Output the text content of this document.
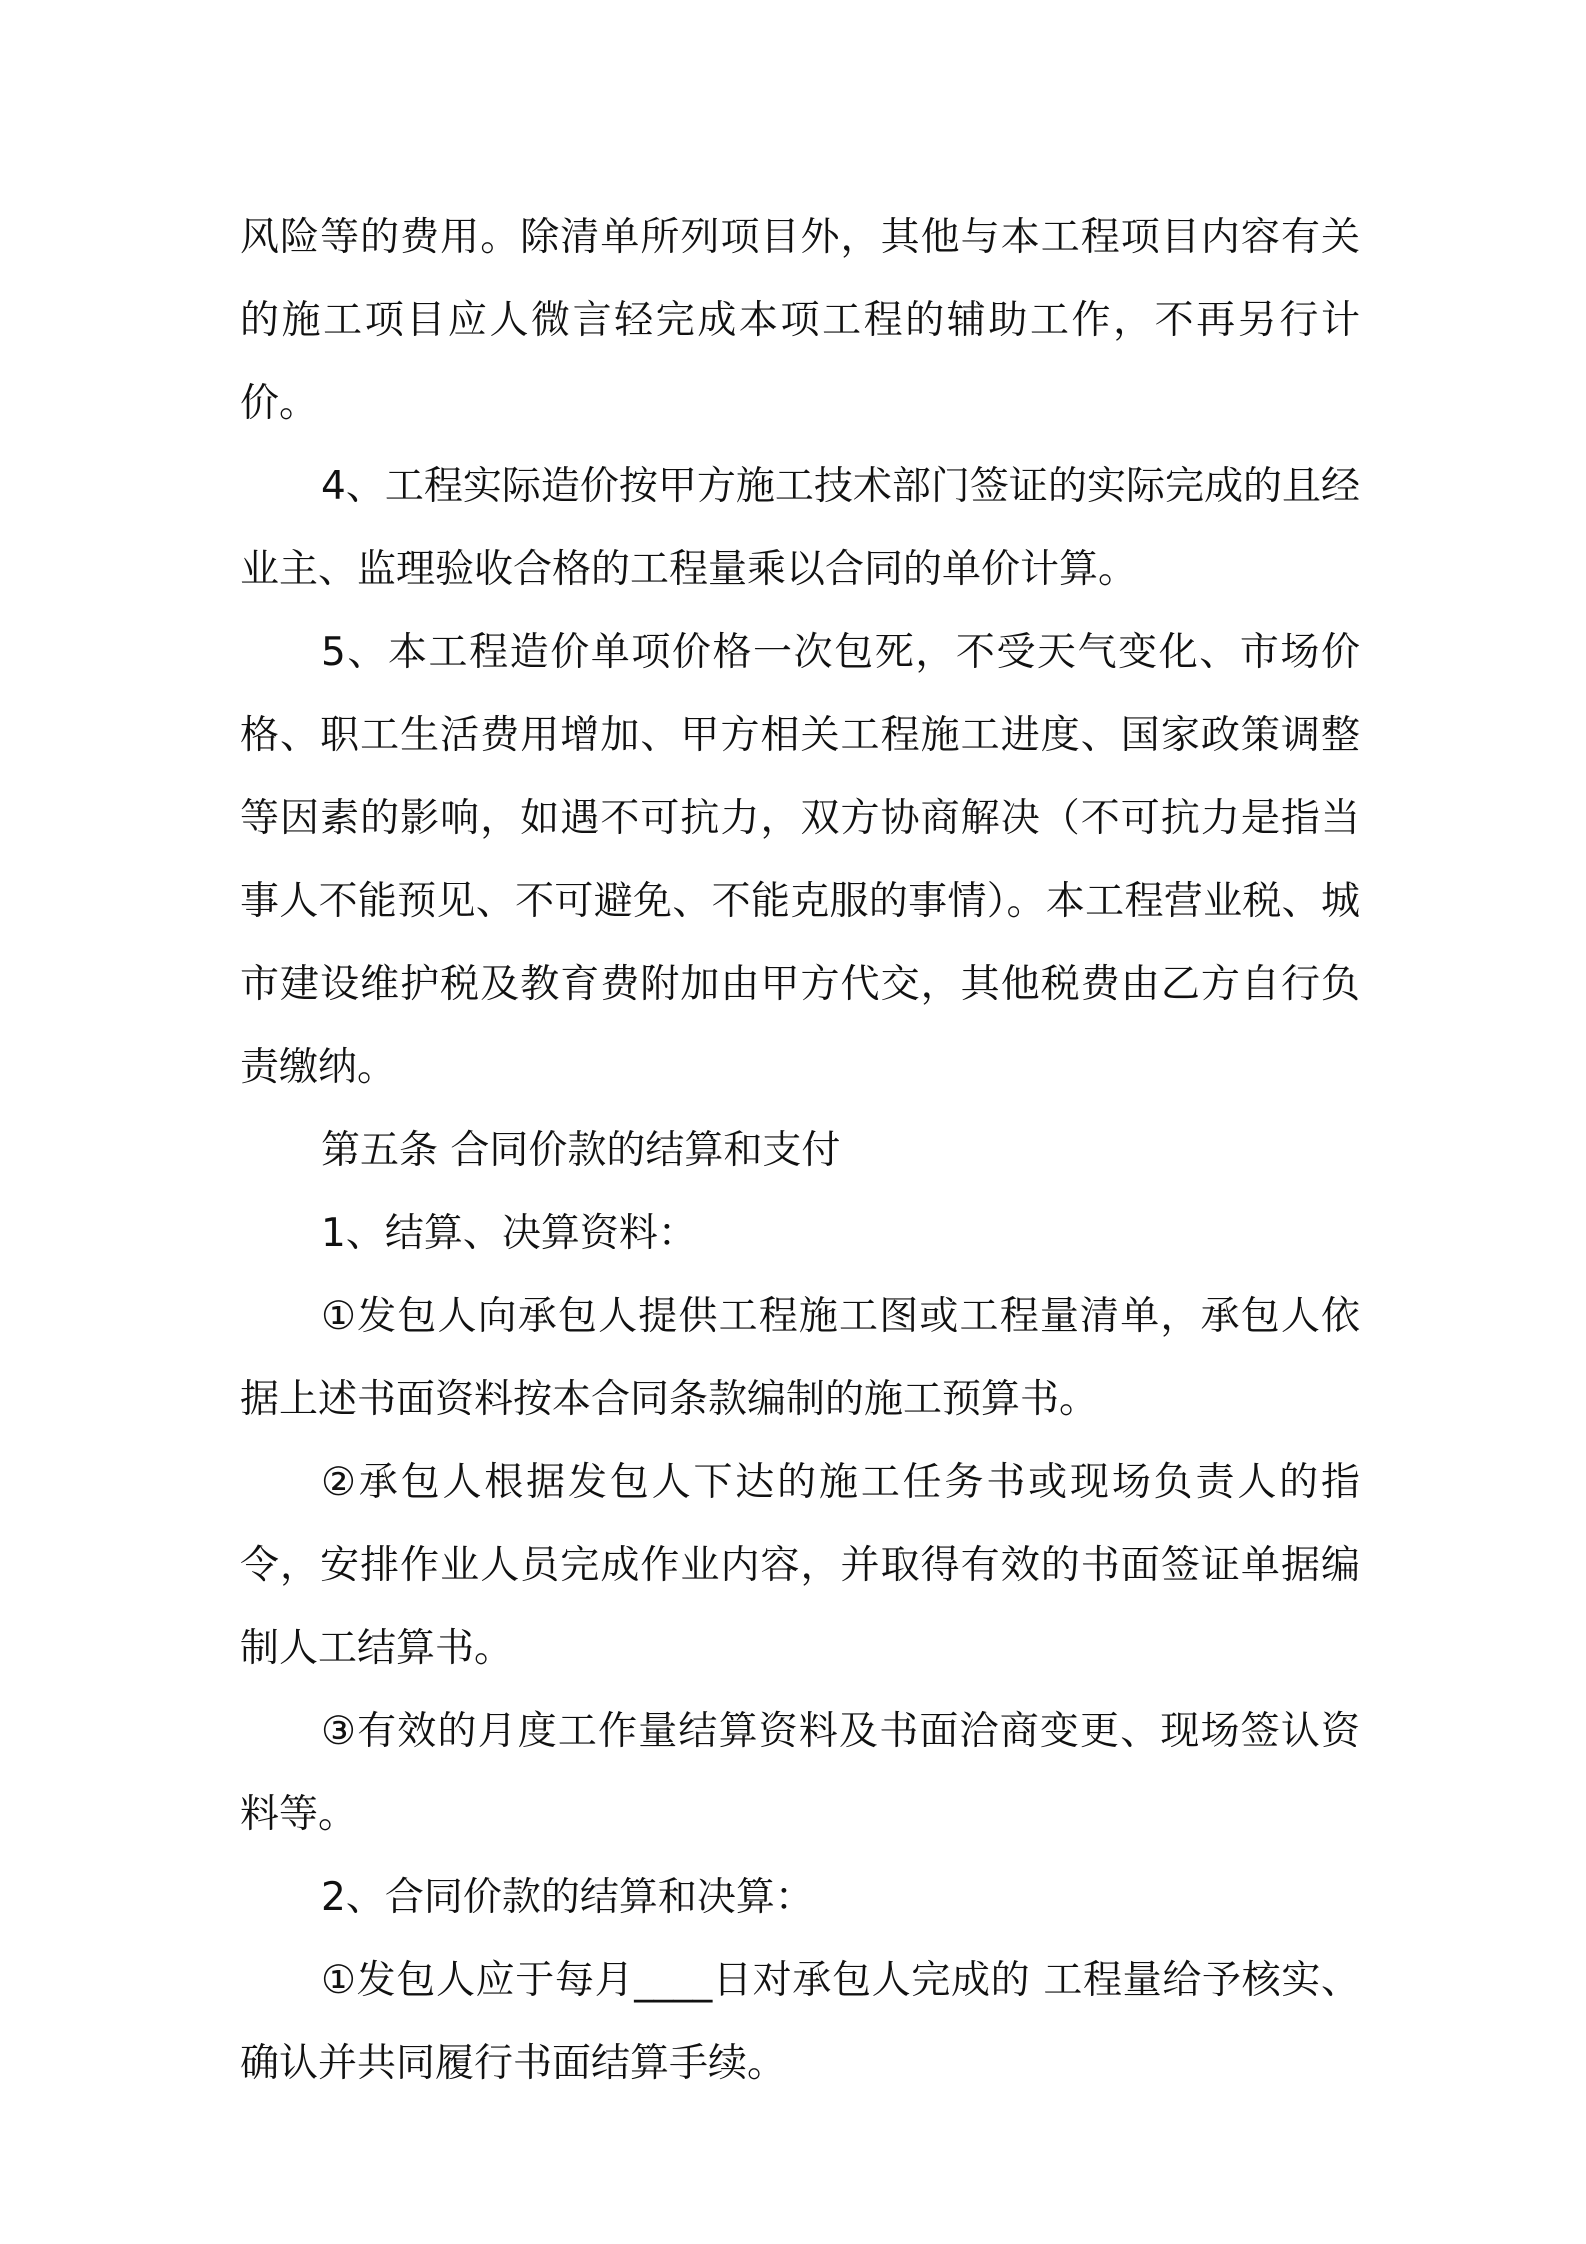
风险等的费用。除清单所列项目外，其他与本工程项目内容有关的施工项目应人微言轻完成本项工程的辅助工作，不再另行计价。

4、工程实际造价按甲方施工技术部门签证的实际完成的且经业主、监理验收合格的工程量乘以合同的单价计算。

5、本工程造价单项价格一次包死，不受天气变化、市场价格、职工生活费用增加、甲方相关工程施工进度、国家政策调整等因素的影响，如遇不可抗力，双方协商解决（不可抗力是指当事人不能预见、不可避免、不能克服的事情）。本工程营业税、城市建设维护税及教育费附加由甲方代交，其他税费由乙方自行负责缴纳。

第五条 合同价款的结算和支付

1、结算、决算资料：

①发包人向承包人提供工程施工图或工程量清单，承包人依据上述书面资料按本合同条款编制的施工预算书。

②承包人根据发包人下达的施工任务书或现场负责人的指令，安排作业人员完成作业内容，并取得有效的书面签证单据编制人工结算书。

③有效的月度工作量结算资料及书面洽商变更、现场签认资料等。

2、合同价款的结算和决算：

①发包人应于每月____日对承包人完成的 工程量给予核实、确认并共同履行书面结算手续。
